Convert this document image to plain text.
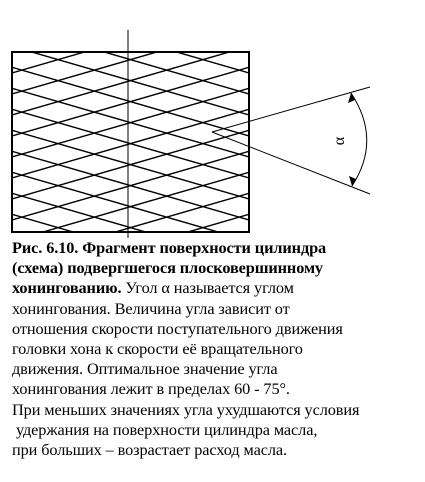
α
Рис. 6.10. Фрагмент поверхности цилиндра
(схема) подвергшегося плосковершинному
хонингованию. Угол α называется углом
хонингования. Величина угла зависит от
отношения скорости поступательного движения
головки хона к скорости её вращательного
движения. Оптимальное значение угла
хонингования лежит в пределах 60 - 75°.
При меньших значениях угла ухудшаются условия
удержания на поверхности цилиндра масла,
при больших – возрастает расход масла.
